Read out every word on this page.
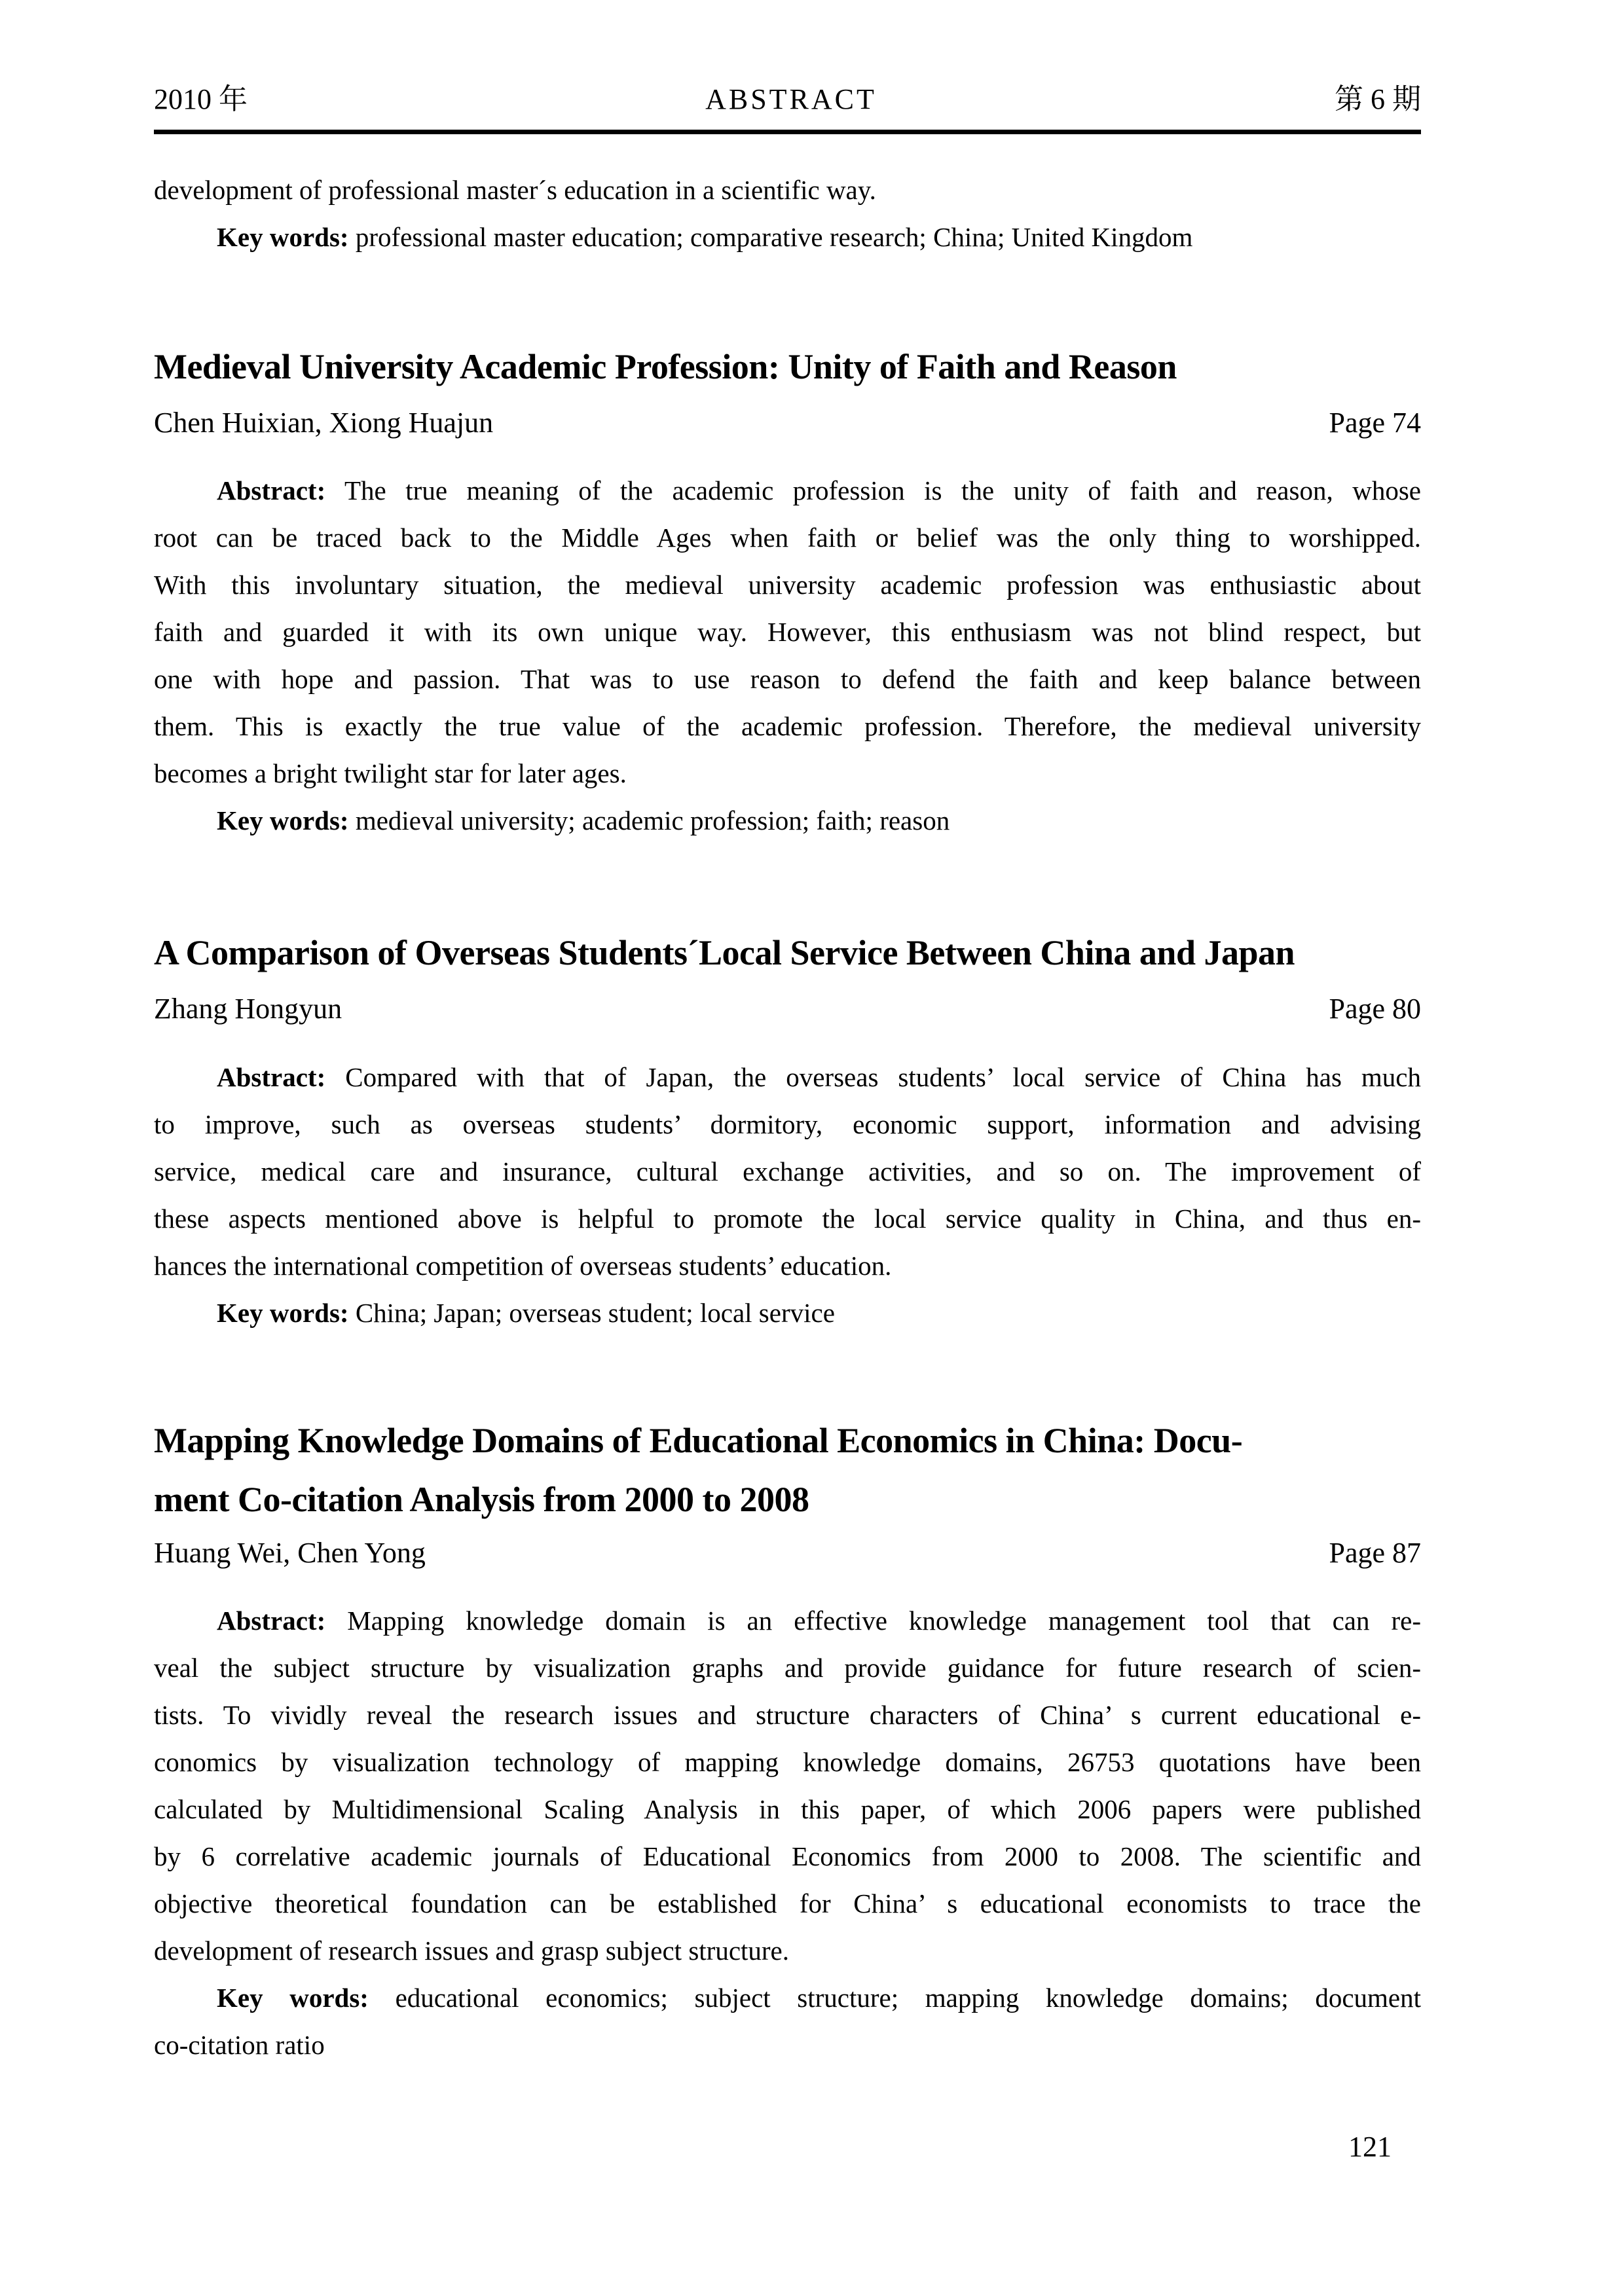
2010 年	ABSTRACT	第 6 期
development of professional master´s education in a scientific way.
Key words: professional master education; comparative research; China; United Kingdom
Medieval University Academic Profession: Unity of Faith and Reason
Chen Huixian, Xiong Huajun	Page 74
Abstract: The true meaning of the academic profession is the unity of faith and reason, whose
root can be traced back to the Middle Ages when faith or belief was the only thing to worshipped.
With this involuntary situation, the medieval university academic profession was enthusiastic about
faith and guarded it with its own unique way. However, this enthusiasm was not blind respect, but
one with hope and passion. That was to use reason to defend the faith and keep balance between
them. This is exactly the true value of the academic profession. Therefore, the medieval university
becomes a bright twilight star for later ages.
Key words: medieval university; academic profession; faith; reason
A Comparison of Overseas Students´Local Service Between China and Japan
Zhang Hongyun	Page 80
Abstract: Compared with that of Japan, the overseas students’ local service of China has much
to improve, such as overseas students’ dormitory, economic support, information and advising
service, medical care and insurance, cultural exchange activities, and so on. The improvement of
these aspects mentioned above is helpful to promote the local service quality in China, and thus en-
hances the international competition of overseas students’ education.
Key words: China; Japan; overseas student; local service
Mapping Knowledge Domains of Educational Economics in China: Docu-
ment Co-citation Analysis from 2000 to 2008
Huang Wei, Chen Yong	Page 87
Abstract: Mapping knowledge domain is an effective knowledge management tool that can re-
veal the subject structure by visualization graphs and provide guidance for future research of scien-
tists. To vividly reveal the research issues and structure characters of China’ s current educational e-
conomics by visualization technology of mapping knowledge domains, 26753 quotations have been
calculated by Multidimensional Scaling Analysis in this paper, of which 2006 papers were published
by 6 correlative academic journals of Educational Economics from 2000 to 2008. The scientific and
objective theoretical foundation can be established for China’ s educational economists to trace the
development of research issues and grasp subject structure.
Key words: educational economics; subject structure; mapping knowledge domains; document
co-citation ratio
121
